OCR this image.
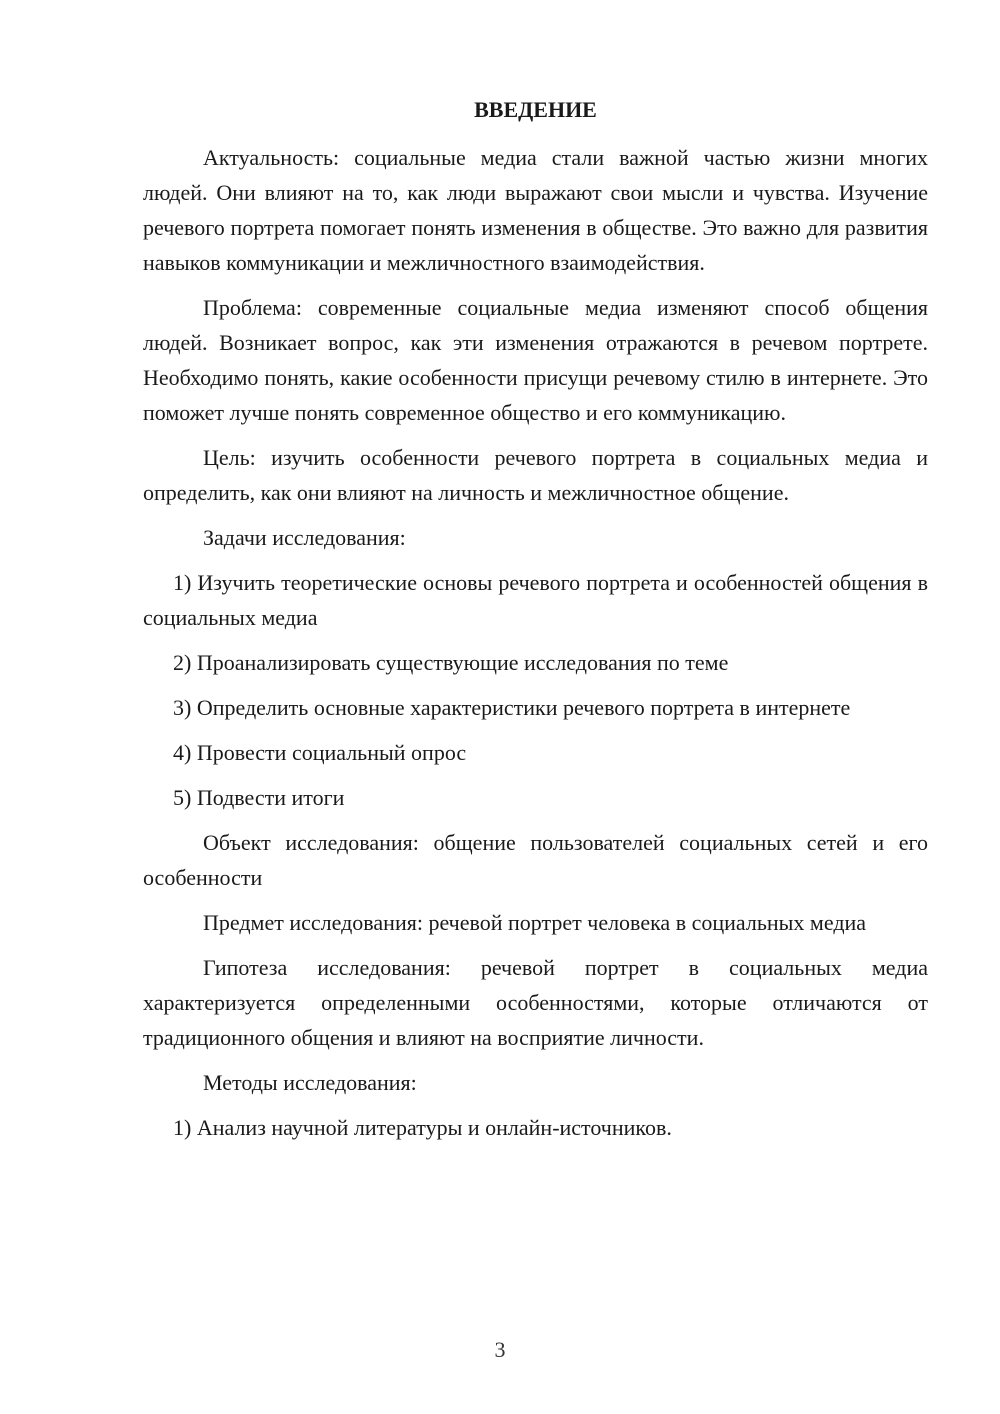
ВВЕДЕНИЕ

Актуальность: социальные медиа стали важной частью жизни многих людей. Они влияют на то, как люди выражают свои мысли и чувства. Изучение речевого портрета помогает понять изменения в обществе. Это важно для развития навыков коммуникации и межличностного взаимодействия.

Проблема: современные социальные медиа изменяют способ общения людей. Возникает вопрос, как эти изменения отражаются в речевом портрете. Необходимо понять, какие особенности присущи речевому стилю в интернете. Это поможет лучше понять современное общество и его коммуникацию.

Цель: изучить особенности речевого портрета в социальных медиа и определить, как они влияют на личность и межличностное общение.

Задачи исследования:

1) Изучить теоретические основы речевого портрета и особенностей общения в социальных медиа

2) Проанализировать существующие исследования по теме

3) Определить основные характеристики речевого портрета в интернете

4) Провести социальный опрос

5) Подвести итоги

Объект исследования: общение пользователей социальных сетей и его особенности

Предмет исследования: речевой портрет человека в социальных медиа

Гипотеза исследования: речевой портрет в социальных медиа характеризуется определенными особенностями, которые отличаются от традиционного общения и влияют на восприятие личности.

Методы исследования:

1) Анализ научной литературы и онлайн-источников.

3
